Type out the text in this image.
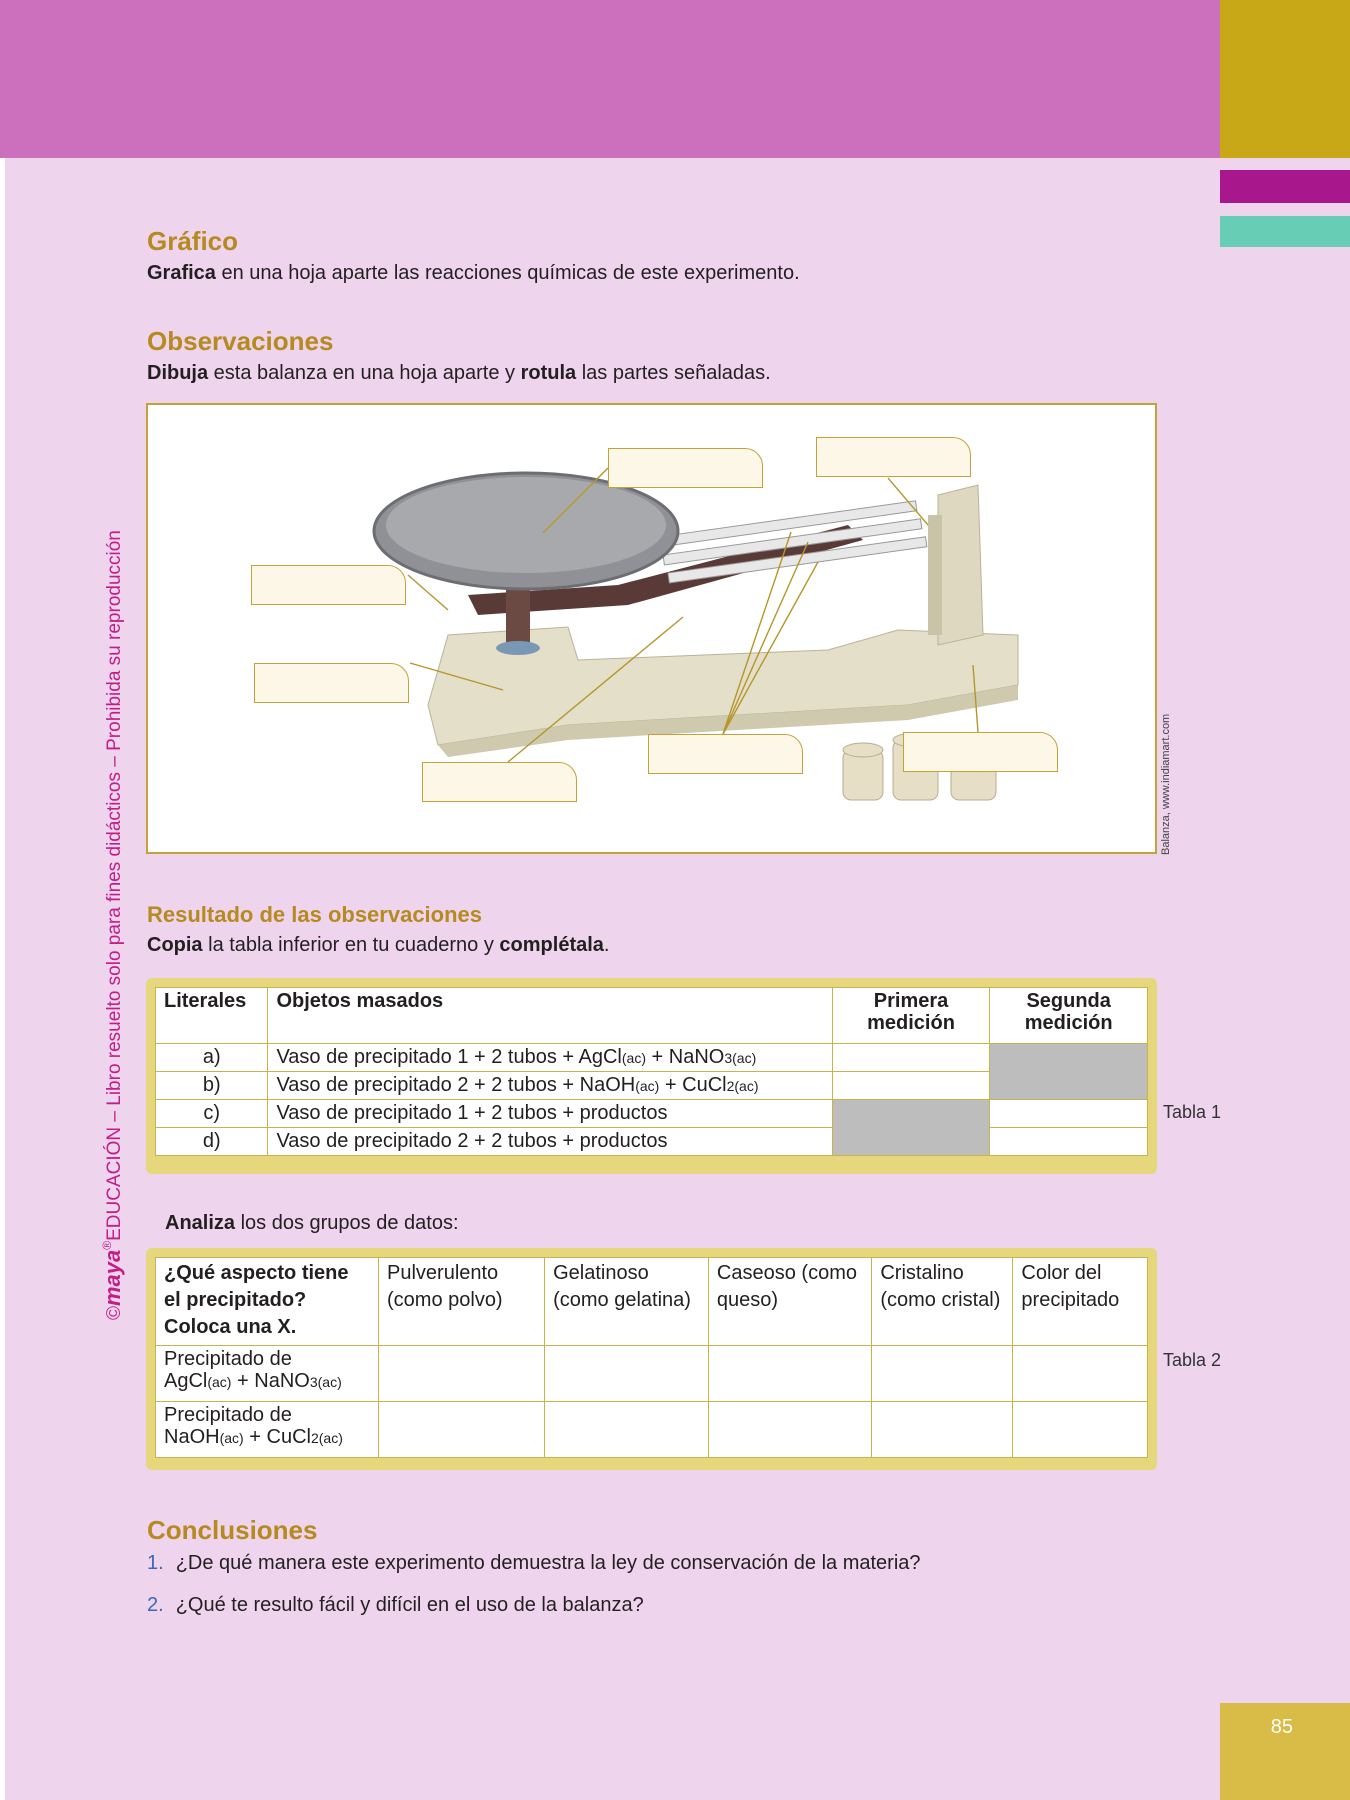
©maya®EDUCACIÓN – Libro resuelto solo para fines didácticos – Prohibida su reproducción
Gráfico
Grafica en una hoja aparte las reacciones químicas de este experimento.
Observaciones
Dibuja esta balanza en una hoja aparte y rotula las partes señaladas.
Balanza, www.indiamart.com
Resultado de las observaciones
Copia la tabla inferior en tu cuaderno y complétala.
Literales	Objetos masados	Primera medición	Segunda medición
a)	Vaso de precipitado 1 + 2 tubos + AgCl(ac) + NaNO3(ac)		
b)	Vaso de precipitado 2 + 2 tubos + NaOH(ac) + CuCl2(ac)		
c)	Vaso de precipitado 1 + 2 tubos + productos		
d)	Vaso de precipitado 2 + 2 tubos + productos		
Tabla 1
Analiza los dos grupos de datos:
¿Qué aspecto tiene el precipitado? Coloca una X.	Pulverulento (como polvo)	Gelatinoso (como gelatina)	Caseoso (como queso)	Cristalino (como cristal)	Color del precipitado
Precipitado de
AgCl(ac) + NaNO3(ac)					
Precipitado de
NaOH(ac) + CuCl2(ac)					
Tabla 2
Conclusiones
1. ¿De qué manera este experimento demuestra la ley de conservación de la materia?
2. ¿Qué te resulto fácil y difícil en el uso de la balanza?
85
